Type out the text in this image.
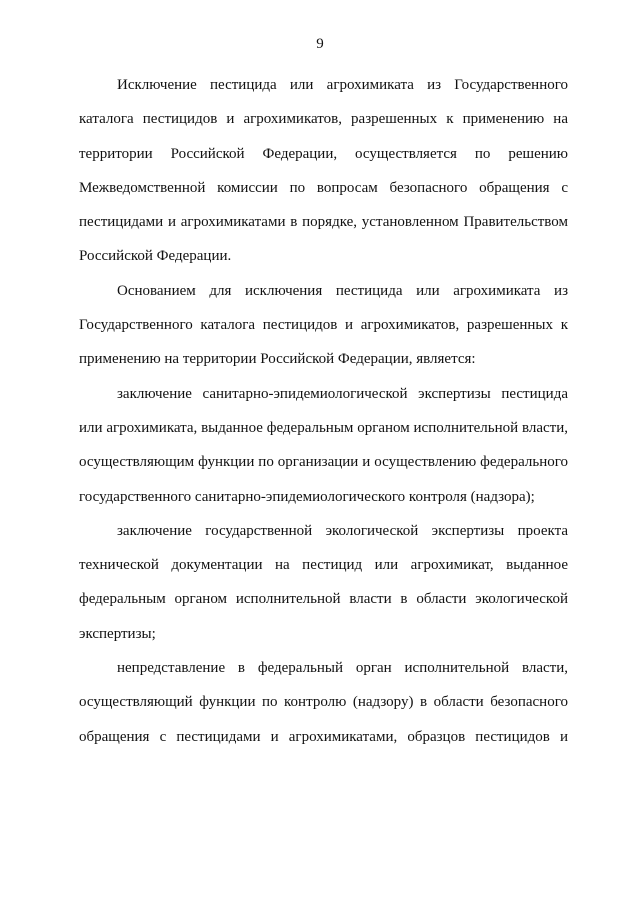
9

Исключение пестицида или агрохимиката из Государственного каталога пестицидов и агрохимикатов, разрешенных к применению на территории Российской Федерации, осуществляется по решению Межведомственной комиссии по вопросам безопасного обращения с пестицидами и агрохимикатами в порядке, установленном Правительством Российской Федерации.

Основанием для исключения пестицида или агрохимиката из Государственного каталога пестицидов и агрохимикатов, разрешенных к применению на территории Российской Федерации, является:

заключение санитарно-эпидемиологической экспертизы пестицида или агрохимиката, выданное федеральным органом исполнительной власти, осуществляющим функции по организации и осуществлению федерального государственного санитарно-эпидемиологического контроля (надзора);

заключение государственной экологической экспертизы проекта технической документации на пестицид или агрохимикат, выданное федеральным органом исполнительной власти в области экологической экспертизы;

непредставление в федеральный орган исполнительной власти, осуществляющий функции по контролю (надзору) в области безопасного обращения с пестицидами и агрохимикатами, образцов пестицидов и
